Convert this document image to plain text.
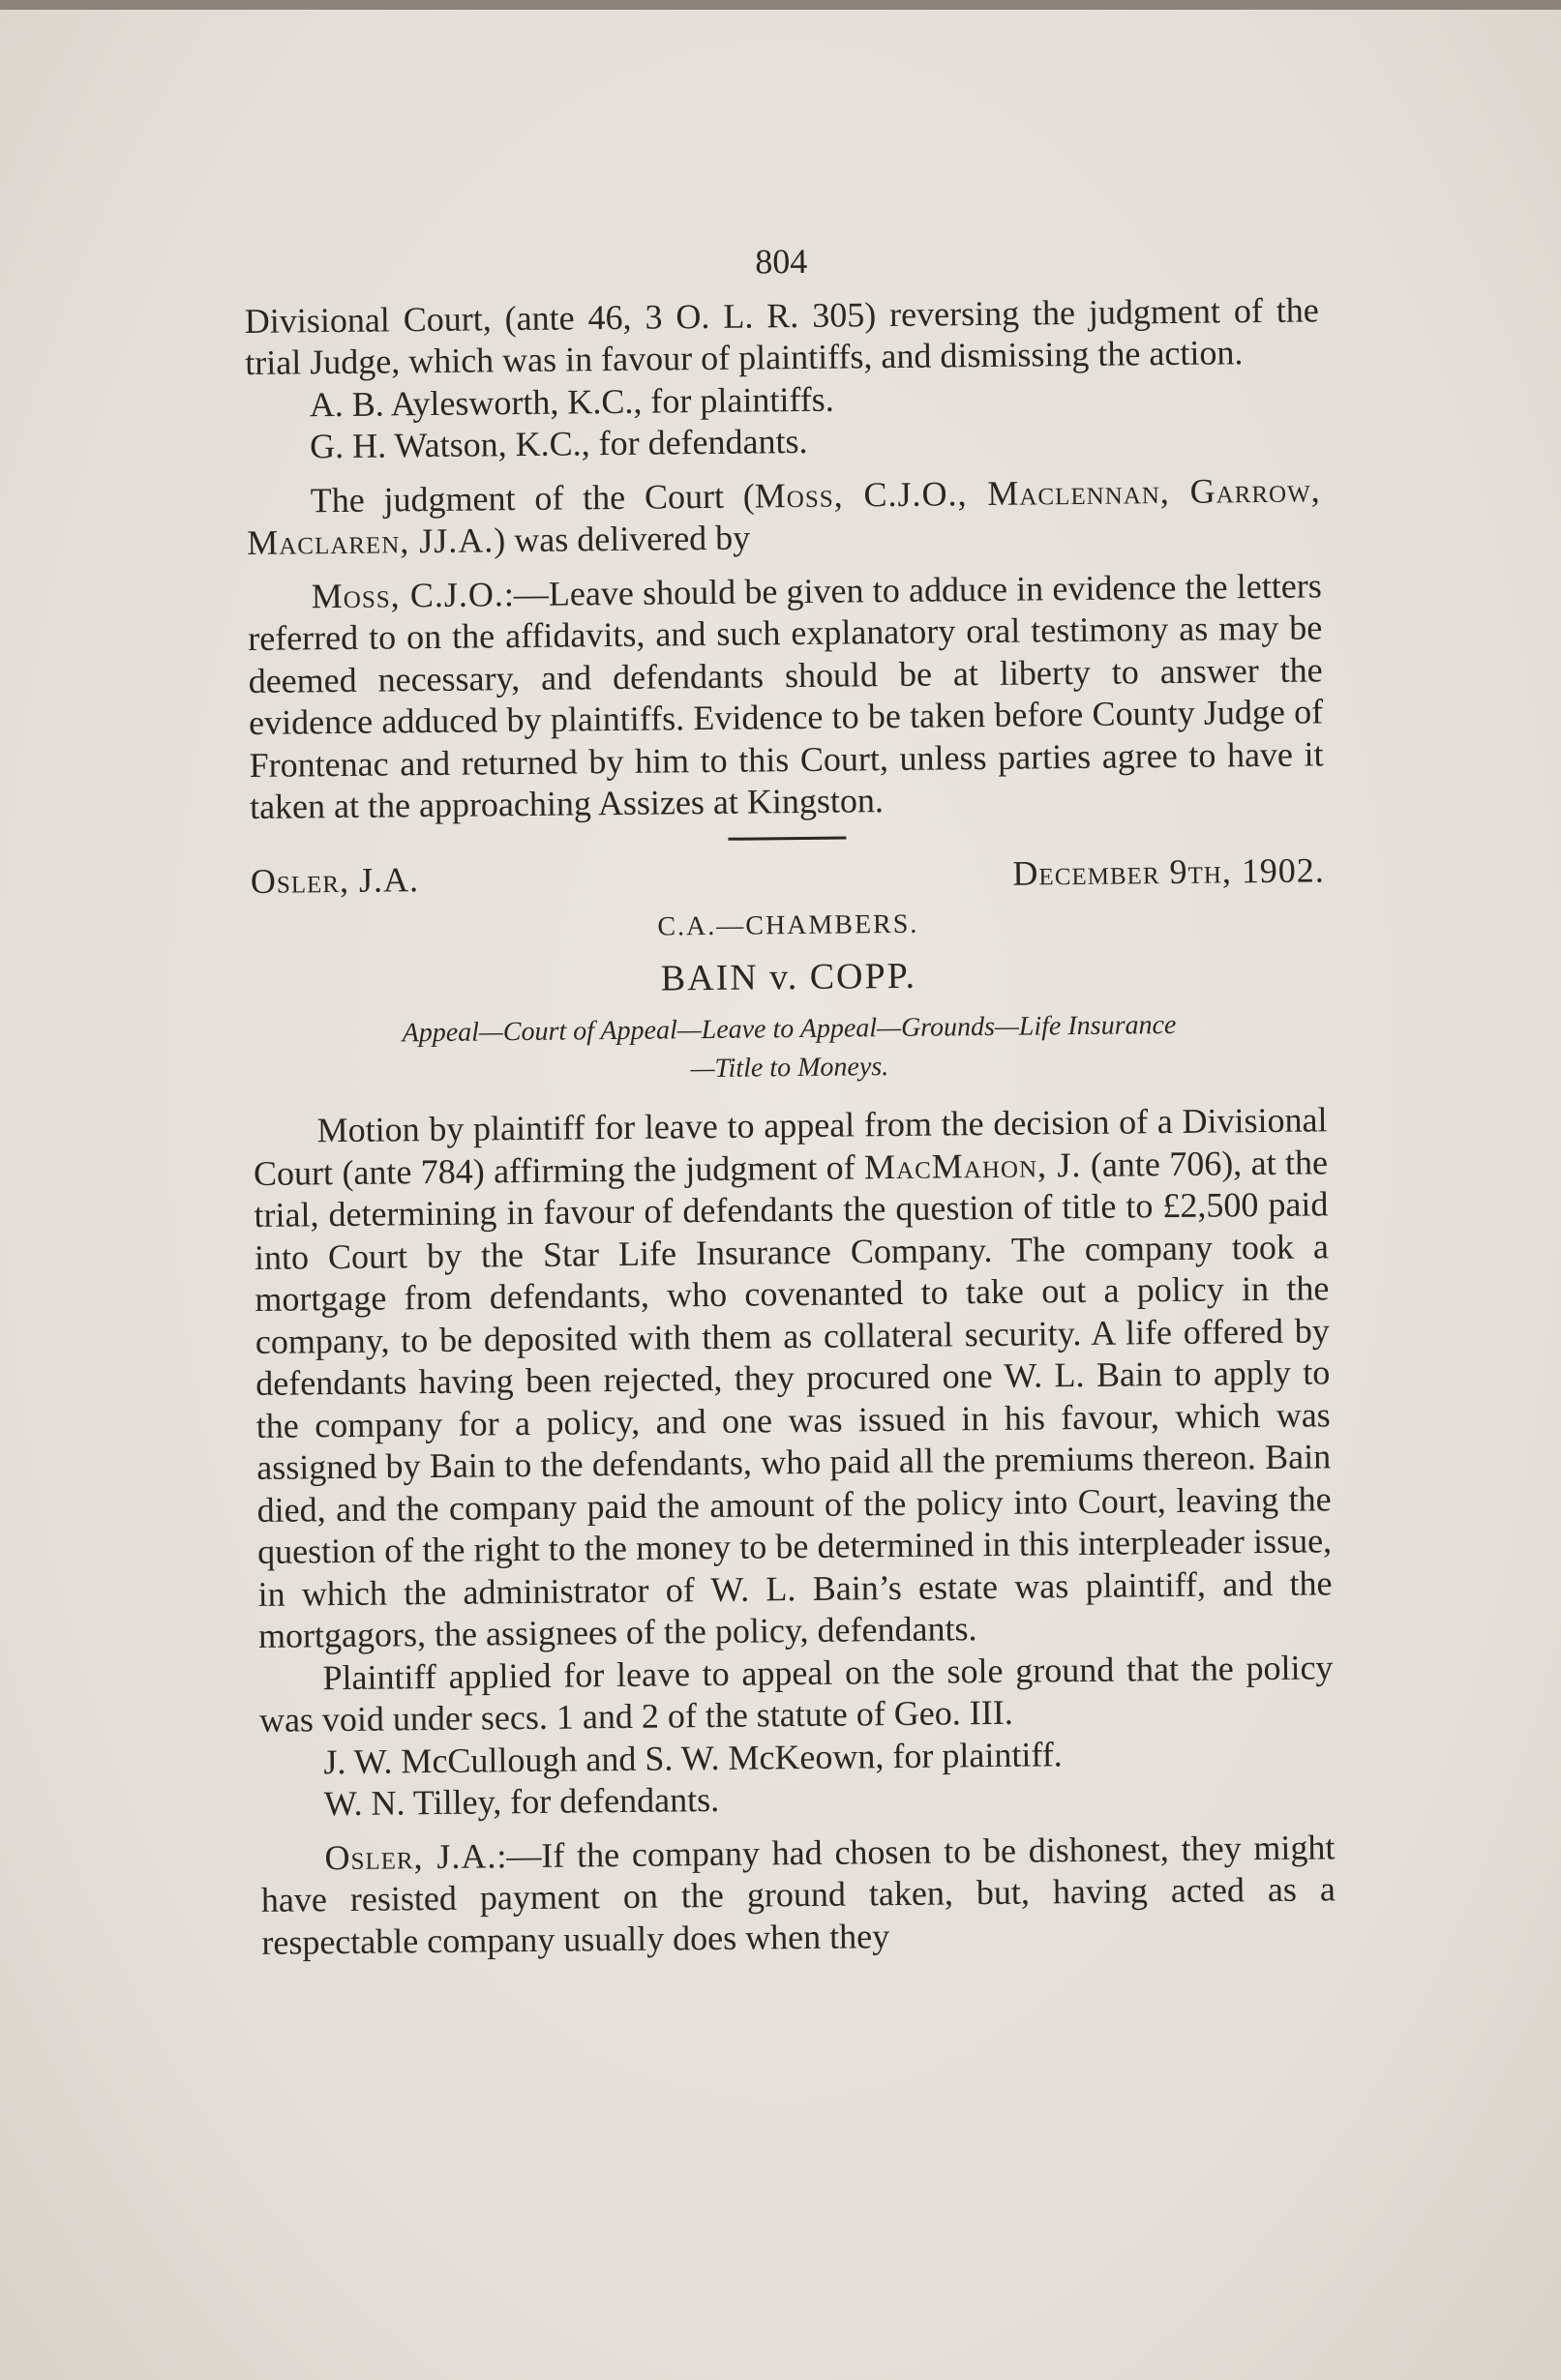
804

Divisional Court, (ante 46, 3 O. L. R. 305) reversing the judgment of the trial Judge, which was in favour of plaintiffs, and dismissing the action.

A. B. Aylesworth, K.C., for plaintiffs.

G. H. Watson, K.C., for defendants.

The judgment of the Court (Moss, C.J.O., Maclennan, Garrow, Maclaren, JJ.A.) was delivered by

Moss, C.J.O.:—Leave should be given to adduce in evidence the letters referred to on the affidavits, and such explanatory oral testimony as may be deemed necessary, and defendants should be at liberty to answer the evidence adduced by plaintiffs. Evidence to be taken before County Judge of Frontenac and returned by him to this Court, unless parties agree to have it taken at the approaching Assizes at Kingston.

Osler, J.A.	December 9th, 1902.
C.A.—CHAMBERS.
BAIN v. COPP.
Appeal—Court of Appeal—Leave to Appeal—Grounds—Life Insurance
—Title to Moneys.

Motion by plaintiff for leave to appeal from the decision of a Divisional Court (ante 784) affirming the judgment of MacMahon, J. (ante 706), at the trial, determining in favour of defendants the question of title to £2,500 paid into Court by the Star Life Insurance Company. The company took a mortgage from defendants, who covenanted to take out a policy in the company, to be deposited with them as collateral security. A life offered by defendants having been rejected, they procured one W. L. Bain to apply to the company for a policy, and one was issued in his favour, which was assigned by Bain to the defendants, who paid all the premiums thereon. Bain died, and the company paid the amount of the policy into Court, leaving the question of the right to the money to be determined in this interpleader issue, in which the administrator of W. L. Bain’s estate was plaintiff, and the mortgagors, the assignees of the policy, defendants.

Plaintiff applied for leave to appeal on the sole ground that the policy was void under secs. 1 and 2 of the statute of Geo. III.

J. W. McCullough and S. W. McKeown, for plaintiff.

W. N. Tilley, for defendants.

Osler, J.A.:—If the company had chosen to be dishonest, they might have resisted payment on the ground taken, but, having acted as a respectable company usually does when they
